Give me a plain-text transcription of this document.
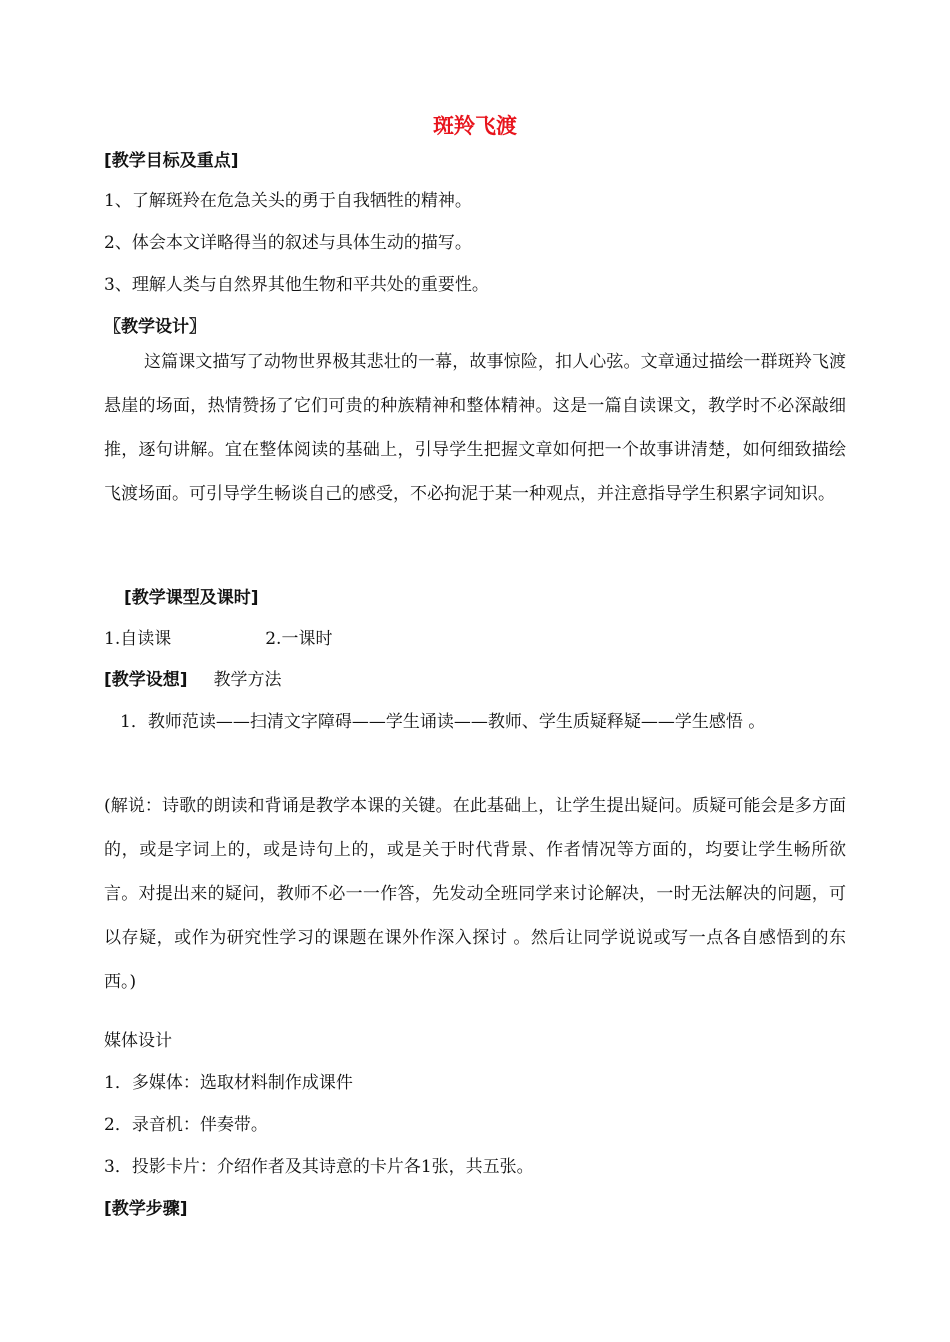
斑羚飞渡
[教学目标及重点]
1、了解斑羚在危急关头的勇于自我牺牲的精神。
2、体会本文详略得当的叙述与具体生动的描写。
3、理解人类与自然界其他生物和平共处的重要性。
〖教学设计〗
这篇课文描写了动物世界极其悲壮的一幕，故事惊险，扣人心弦。文章通过描绘一群斑羚飞渡悬崖的场面，热情赞扬了它们可贵的种族精神和整体精神。这是一篇自读课文，教学时不必深敲细推，逐句讲解。宜在整体阅读的基础上，引导学生把握文章如何把一个故事讲清楚，如何细致描绘飞渡场面。可引导学生畅谈自己的感受，不必拘泥于某一种观点，并注意指导学生积累字词知识。
[教学课型及课时]
1.自读课	2.一课时
[教学设想] 教学方法
1．教师范读——扫清文字障碍——学生诵读——教师、学生质疑释疑——学生感悟 。
(解说：诗歌的朗读和背诵是教学本课的关键。在此基础上，让学生提出疑问。质疑可能会是多方面的，或是字词上的，或是诗句上的，或是关于时代背景、作者情况等方面的，均要让学生畅所欲言。对提出来的疑问，教师不必一一作答，先发动全班同学来讨论解决，一时无法解决的问题，可以存疑，或作为研究性学习的课题在课外作深入探讨 。然后让同学说说或写一点各自感悟到的东西。)
媒体设计
1．多媒体：选取材料制作成课件
2．录音机：伴奏带。
3．投影卡片：介绍作者及其诗意的卡片各1张，共五张。
[教学步骤]
